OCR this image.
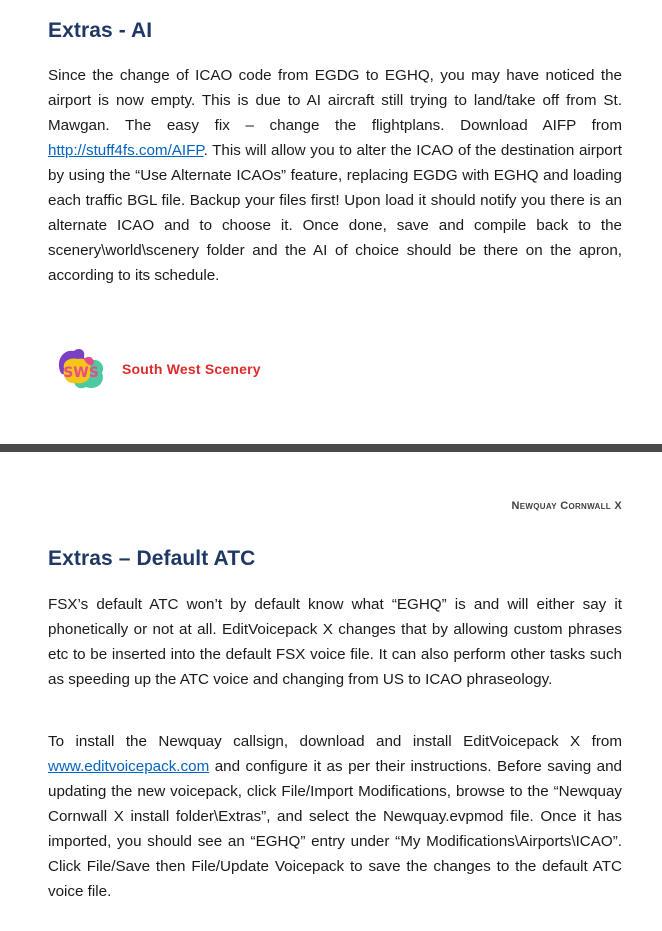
Extras - AI

Since the change of ICAO code from EGDG to EGHQ, you may have noticed the airport is now empty. This is due to AI aircraft still trying to land/take off from St. Mawgan. The easy fix – change the flightplans. Download AIFP from http://stuff4fs.com/AIFP. This will allow you to alter the ICAO of the destination airport by using the “Use Alternate ICAOs” feature, replacing EGDG with EGHQ and loading each traffic BGL file. Backup your files first! Upon load it should notify you there is an alternate ICAO and to choose it. Once done, save and compile back to the scenery\world\scenery folder and the AI of choice should be there on the apron, according to its schedule.

SWS South West Scenery
Newquay Cornwall X
Extras – Default ATC

FSX’s default ATC won’t by default know what “EGHQ” is and will either say it phonetically or not at all. EditVoicepack X changes that by allowing custom phrases etc to be inserted into the default FSX voice file. It can also perform other tasks such as speeding up the ATC voice and changing from US to ICAO phraseology.

To install the Newquay callsign, download and install EditVoicepack X from www.editvoicepack.com and configure it as per their instructions. Before saving and updating the new voicepack, click File/Import Modifications, browse to the “Newquay Cornwall X install folder\Extras”, and select the Newquay.evpmod file. Once it has imported, you should see an “EGHQ” entry under “My Modifications\Airports\ICAO”. Click File/Save then File/Update Voicepack to save the changes to the default ATC voice file.
